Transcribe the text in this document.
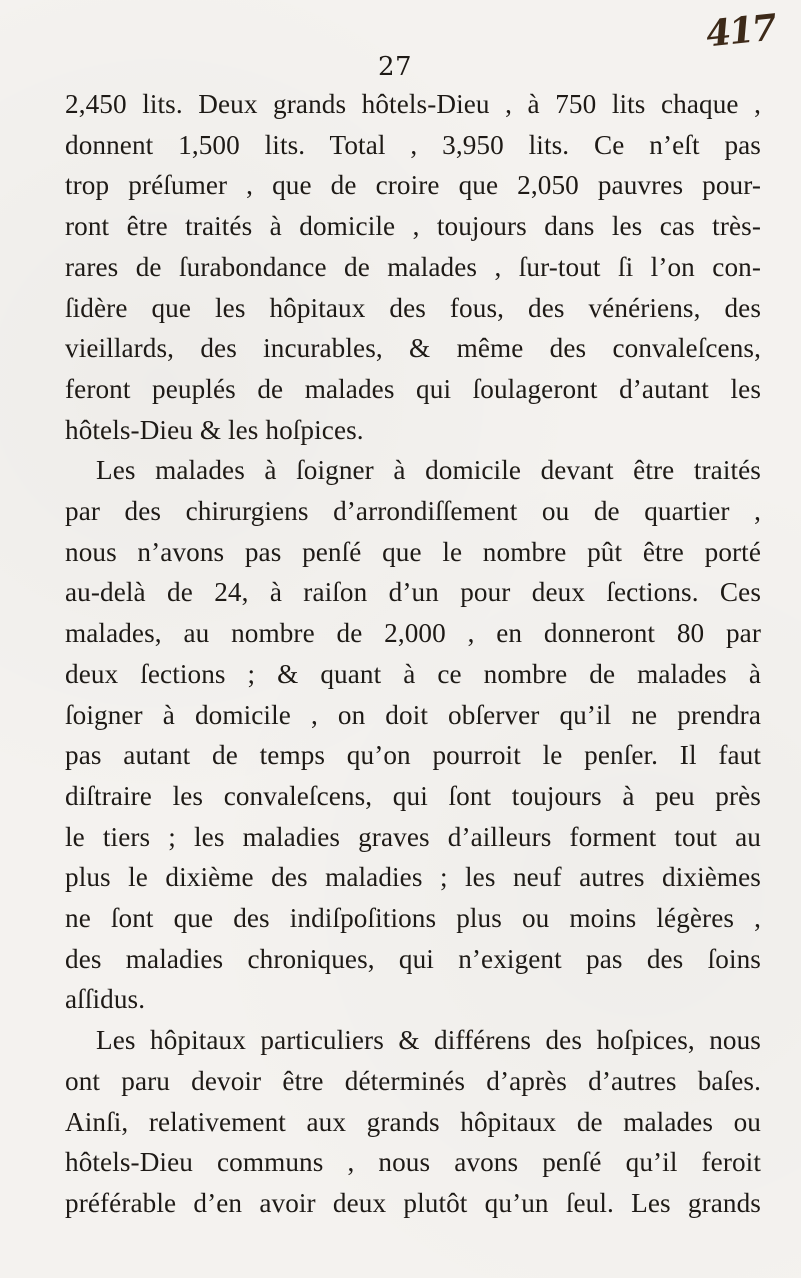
27
417
2,450 lits. Deux grands hôtels-Dieu , à 750 lits chaque ,
donnent 1,500 lits. Total , 3,950 lits. Ce n’eſt pas
trop préſumer , que de croire que 2,050 pauvres pour-
ront être traités à domicile , toujours dans les cas très-
rares de ſurabondance de malades , ſur-tout ſi l’on con-
ſidère que les hôpitaux des fous, des vénériens, des
vieillards, des incurables, & même des convaleſcens,
feront peuplés de malades qui ſoulageront d’autant les
hôtels-Dieu & les hoſpices.
Les malades à ſoigner à domicile devant être traités
par des chirurgiens d’arrondiſſement ou de quartier ,
nous n’avons pas penſé que le nombre pût être porté
au-delà de 24, à raiſon d’un pour deux ſections. Ces
malades, au nombre de 2,000 , en donneront 80 par
deux ſections ; & quant à ce nombre de malades à
ſoigner à domicile , on doit obſerver qu’il ne prendra
pas autant de temps qu’on pourroit le penſer. Il faut
diſtraire les convaleſcens, qui ſont toujours à peu près
le tiers ; les maladies graves d’ailleurs forment tout au
plus le dixième des maladies ; les neuf autres dixièmes
ne ſont que des indiſpoſitions plus ou moins légères ,
des maladies chroniques, qui n’exigent pas des ſoins
aſſidus.
Les hôpitaux particuliers & différens des hoſpices, nous
ont paru devoir être déterminés d’après d’autres baſes.
Ainſi, relativement aux grands hôpitaux de malades ou
hôtels-Dieu communs , nous avons penſé qu’il feroit
préférable d’en avoir deux plutôt qu’un ſeul. Les grands
